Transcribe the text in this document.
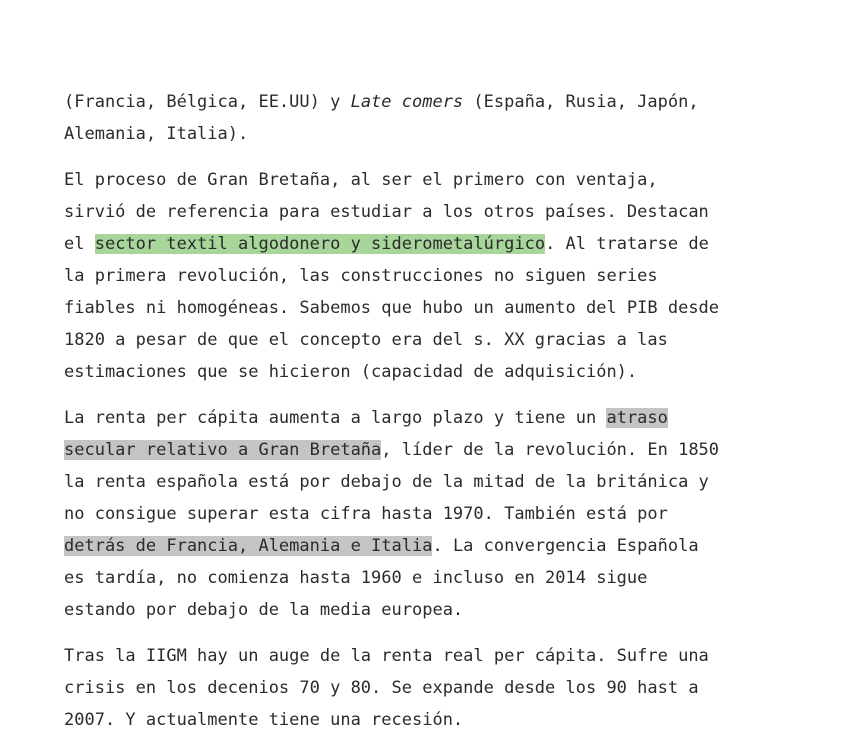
(Francia, Bélgica, EE.UU) y Late comers (España, Rusia, Japón,
Alemania, Italia).

El proceso de Gran Bretaña, al ser el primero con ventaja,
sirvió de referencia para estudiar a los otros países. Destacan
el sector textil algodonero y siderometalúrgico. Al tratarse de
la primera revolución, las construcciones no siguen series
fiables ni homogéneas. Sabemos que hubo un aumento del PIB desde
1820 a pesar de que el concepto era del s. XX gracias a las
estimaciones que se hicieron (capacidad de adquisición).

La renta per cápita aumenta a largo plazo y tiene un atraso
secular relativo a Gran Bretaña, líder de la revolución. En 1850
la renta española está por debajo de la mitad de la británica y
no consigue superar esta cifra hasta 1970. También está por
detrás de Francia, Alemania e Italia. La convergencia Española
es tardía, no comienza hasta 1960 e incluso en 2014 sigue
estando por debajo de la media europea.

Tras la IIGM hay un auge de la renta real per cápita. Sufre una
crisis en los decenios 70 y 80. Se expande desde los 90 hast a
2007. Y actualmente tiene una recesión.
